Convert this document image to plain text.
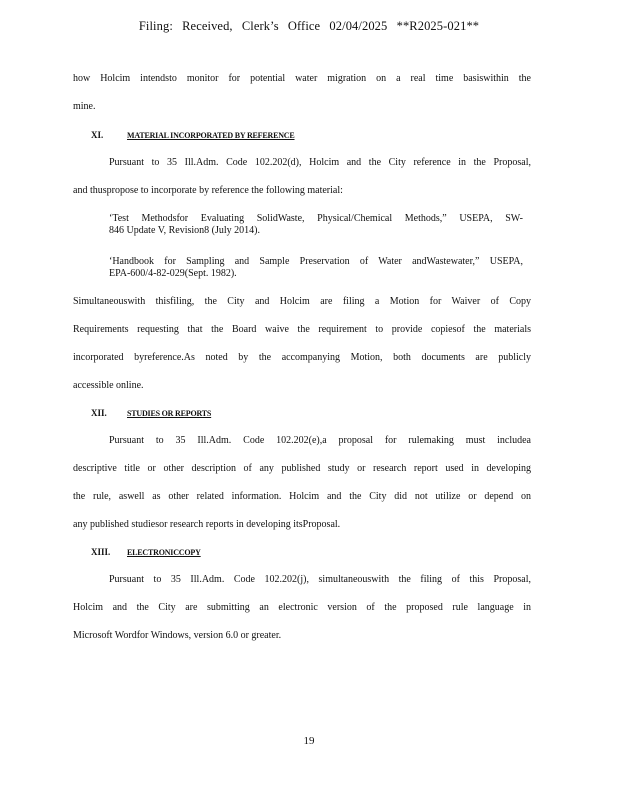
Filing: Received, Clerk’s Office 02/04/2025 **R2025-021**
how Holcim intendsto monitor for potential water migration on a real time basiswithin the
mine.
XI.	MATERIAL INCORPORATED BY REFERENCE
Pursuant to 35 Ill.Adm. Code 102.202(d), Holcim and the City reference in the Proposal,
and thuspropose to incorporate by reference the following material:
‘Test Methodsfor Evaluating SolidWaste, Physical/Chemical Methods,” USEPA, SW-
846 Update V, Revision8 (July 2014).
‘Handbook for Sampling and Sample Preservation of Water andWastewater,” USEPA,
EPA-600/4-82-029(Sept. 1982).
Simultaneouswith thisfiling, the City and Holcim are filing a Motion for Waiver of Copy
Requirements requesting that the Board waive the requirement to provide copiesof the materials
incorporated byreference.As noted by the accompanying Motion, both documents are publicly
accessible online.
XII.	STUDIES OR REPORTS
Pursuant to 35 Ill.Adm. Code 102.202(e),a proposal for rulemaking must includea
descriptive title or other description of any published study or research report used in developing
the rule, aswell as other related information. Holcim and the City did not utilize or depend on
any published studiesor research reports in developing itsProposal.
XIII. ELECTRONICCOPY
Pursuant to 35 Ill.Adm. Code 102.202(j), simultaneouswith the filing of this Proposal,
Holcim and the City are submitting an electronic version of the proposed rule language in
Microsoft Wordfor Windows, version 6.0 or greater.
19
